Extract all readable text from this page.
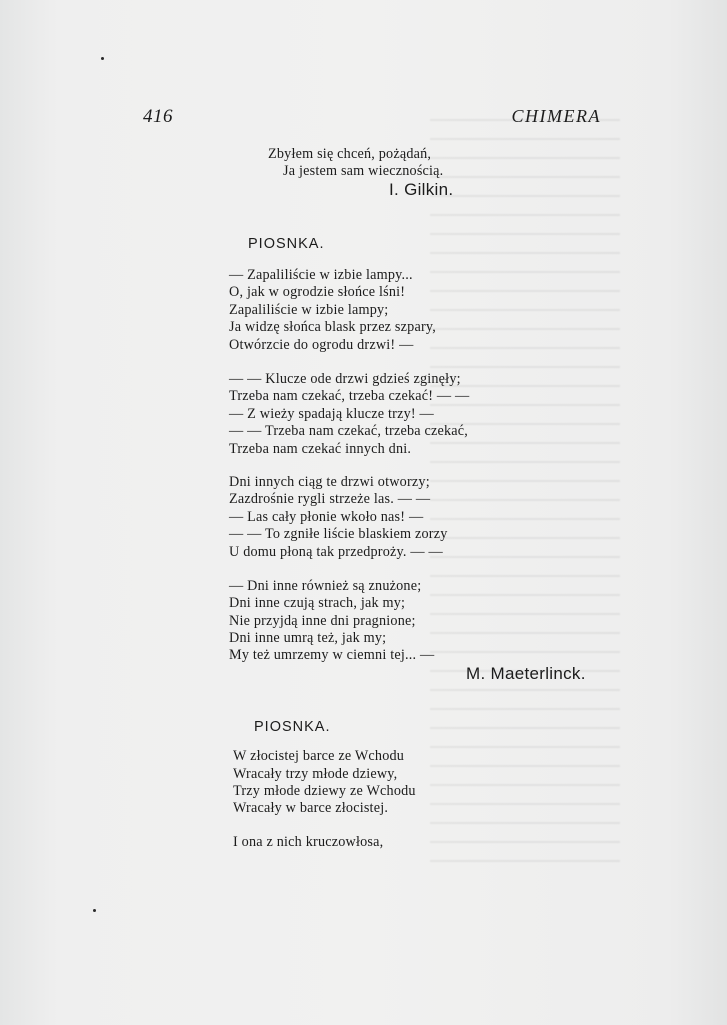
416	CHIMERA
Zbyłem się chceń, pożądań,
Ja jestem sam wiecznością.
I. Gilkin.
PIOSNKA.
— Zapaliliście w izbie lampy...
O, jak w ogrodzie słońce lśni!
Zapaliliście w izbie lampy;
Ja widzę słońca blask przez szpary,
Otwórzcie do ogrodu drzwi! —
— — Klucze ode drzwi gdzieś zginęły;
Trzeba nam czekać, trzeba czekać! — —
— Z wieży spadają klucze trzy! —
— — Trzeba nam czekać, trzeba czekać,
Trzeba nam czekać innych dni.
Dni innych ciąg te drzwi otworzy;
Zazdrośnie rygli strzeże las. — —
— Las cały płonie wkoło nas! —
— — To zgniłe liście blaskiem zorzy
U domu płoną tak przedproży. — —
— Dni inne również są znużone;
Dni inne czują strach, jak my;
Nie przyjdą inne dni pragnione;
Dni inne umrą też, jak my;
My też umrzemy w ciemni tej... —
M. Maeterlinck.
PIOSNKA.
W złocistej barce ze Wchodu
Wracały trzy młode dziewy,
Trzy młode dziewy ze Wchodu
Wracały w barce złocistej.
I ona z nich kruczowłosa,
